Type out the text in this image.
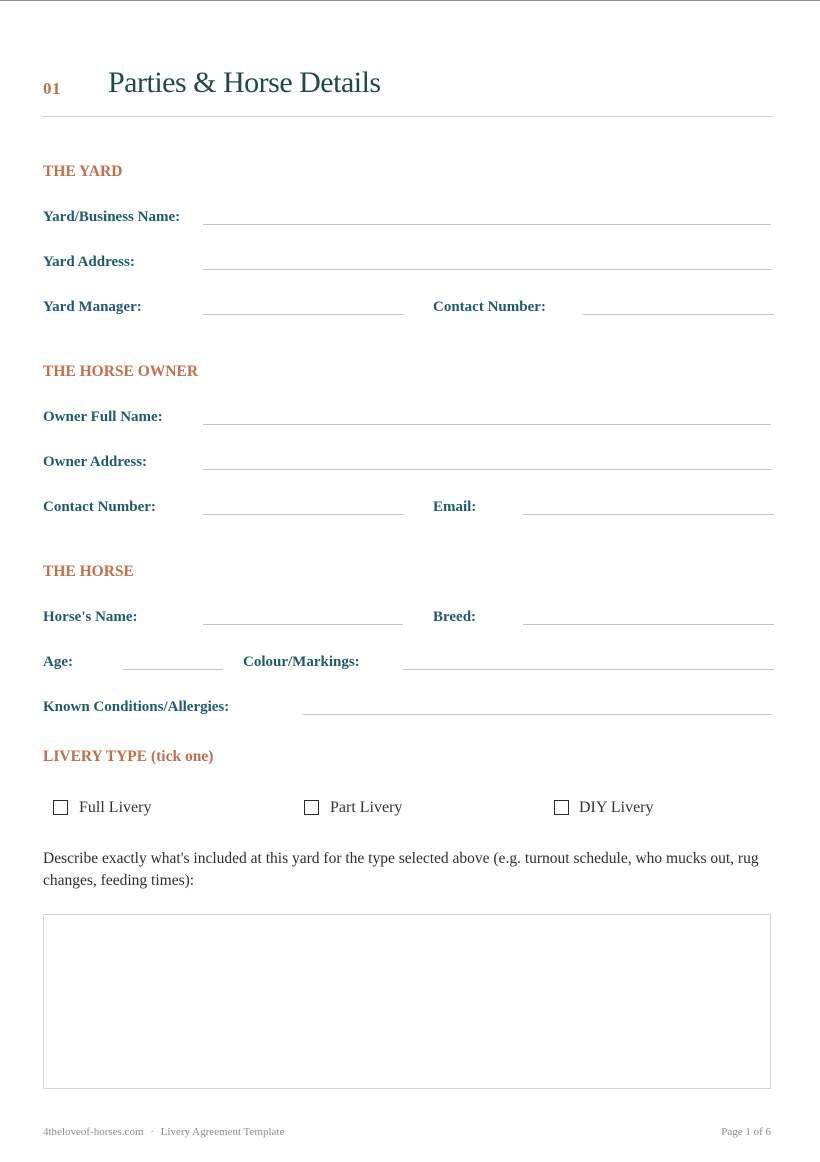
01 Parties & Horse Details
THE YARD
Yard/Business Name:
Yard Address:
Yard Manager:	Contact Number:
THE HORSE OWNER
Owner Full Name:
Owner Address:
Contact Number:	Email:
THE HORSE
Horse's Name:	Breed:
Age:	Colour/Markings:
Known Conditions/Allergies:
LIVERY TYPE (tick one)
Full Livery	Part Livery	DIY Livery
Describe exactly what's included at this yard for the type selected above (e.g. turnout schedule, who mucks out, rug changes, feeding times):
4theloveof-horses.com · Livery Agreement Template	Page 1 of 6
